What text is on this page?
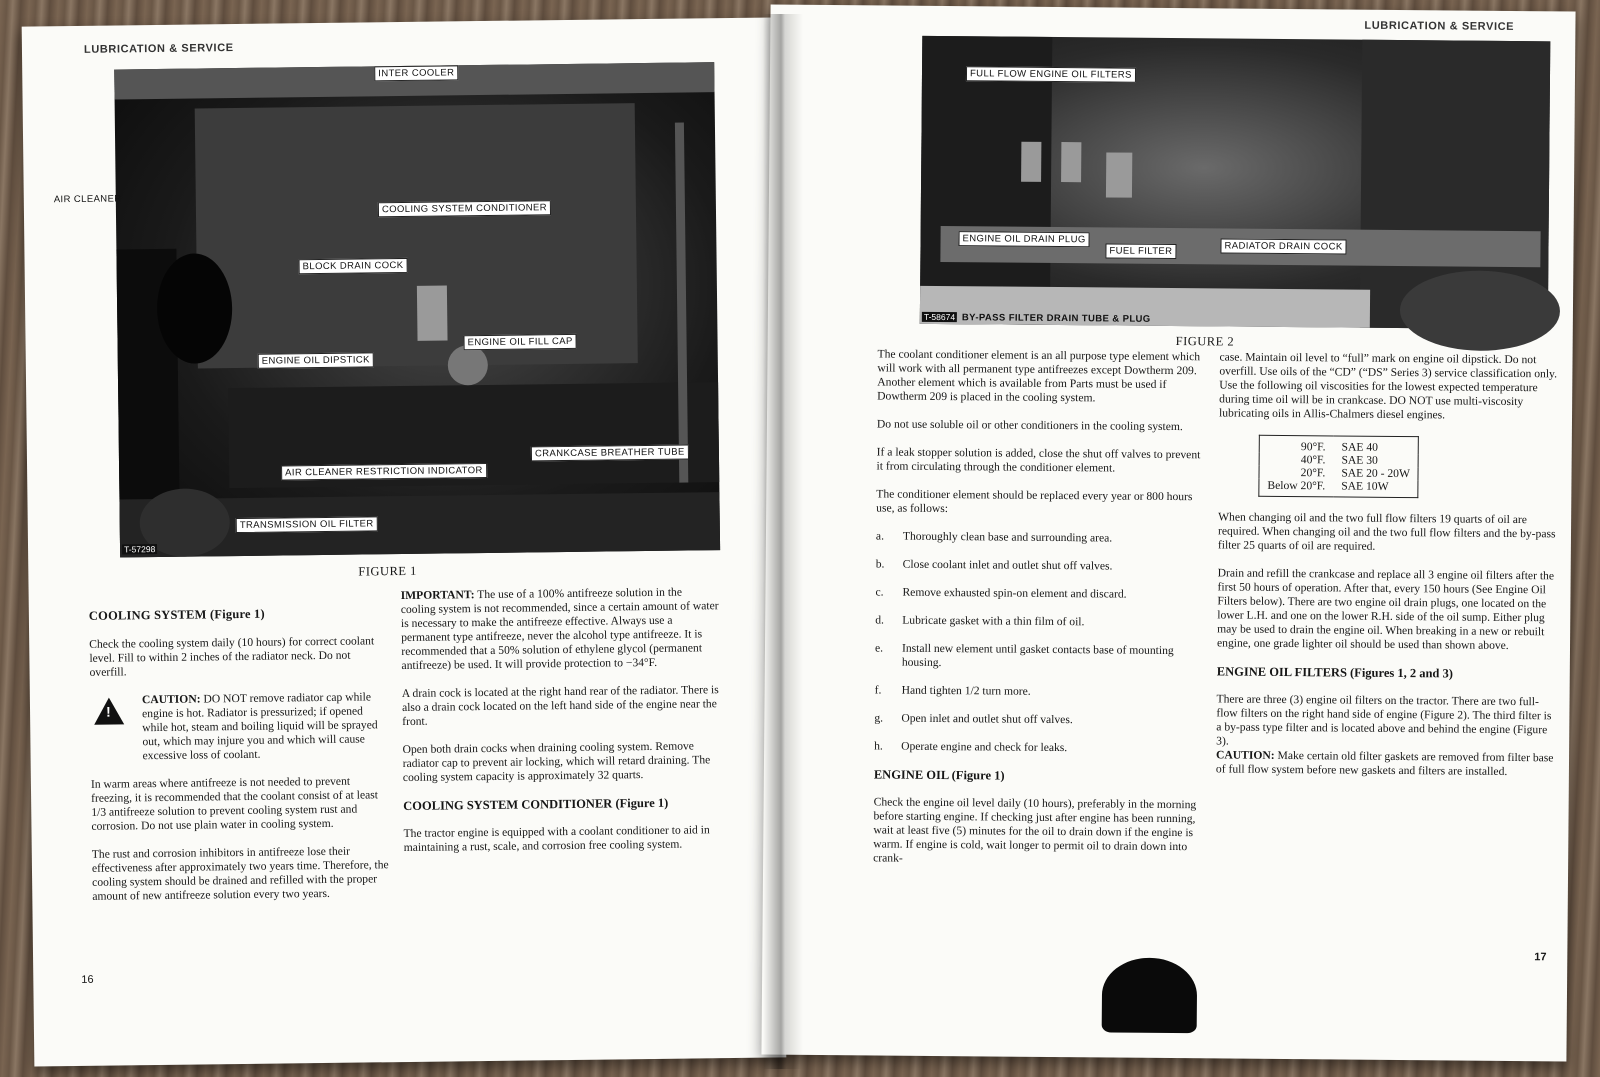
LUBRICATION & SERVICE
INTER COOLER
AIR CLEANER
COOLING SYSTEM CONDITIONER
BLOCK DRAIN COCK
ENGINE OIL DIPSTICK
ENGINE OIL FILL CAP
CRANKCASE BREATHER TUBE
AIR CLEANER RESTRICTION INDICATOR
TRANSMISSION OIL FILTER
T-57298
FIGURE 1
COOLING SYSTEM (Figure 1)

Check the cooling system daily (10 hours) for correct coolant level. Fill to within 2 inches of the radiator neck. Do not overfill.

!
CAUTION: DO NOT remove radiator cap while engine is hot. Radiator is pressurized; if opened while hot, steam and boiling liquid will be sprayed out, which may injure you and which will cause excessive loss of coolant.

In warm areas where antifreeze is not needed to prevent freezing, it is recommended that the coolant consist of at least 1/3 antifreeze solution to prevent cooling system rust and corrosion. Do not use plain water in cooling system.

The rust and corrosion inhibitors in antifreeze lose their effectiveness after approximately two years time. Therefore, the cooling system should be drained and refilled with the proper amount of new antifreeze solution every two years.

IMPORTANT: The use of a 100% antifreeze solution in the cooling system is not recommended, since a certain amount of water is necessary to make the antifreeze effective. Always use a permanent type antifreeze, never the alcohol type antifreeze. It is recommended that a 50% solution of ethylene glycol (permanent antifreeze) be used. It will provide protection to −34°F.

A drain cock is located at the right hand rear of the radiator. There is also a drain cock located on the left hand side of the engine near the front.

Open both drain cocks when draining cooling system. Remove radiator cap to prevent air locking, which will retard draining. The cooling system capacity is approximately 32 quarts.

COOLING SYSTEM CONDITIONER (Figure 1)

The tractor engine is equipped with a coolant conditioner to aid in maintaining a rust, scale, and corrosion free cooling system.

16
LUBRICATION & SERVICE
FULL FLOW ENGINE OIL FILTERS
ENGINE OIL DRAIN PLUG
FUEL FILTER	RADIATOR DRAIN COCK
T-58674 BY-PASS FILTER DRAIN TUBE & PLUG
FIGURE 2

The coolant conditioner element is an all purpose type element which will work with all permanent type antifreezes except Dowtherm 209. Another element which is available from Parts must be used if Dowtherm 209 is placed in the cooling system.

Do not use soluble oil or other conditioners in the cooling system.

If a leak stopper solution is added, close the shut off valves to prevent it from circulating through the conditioner element.

The conditioner element should be replaced every year or 800 hours use, as follows:

a.	Thoroughly clean base and surrounding area.
b.	Close coolant inlet and outlet shut off valves.
c.	Remove exhausted spin-on element and discard.
d.	Lubricate gasket with a thin film of oil.
e.	Install new element until gasket contacts base of mounting housing.
f.	Hand tighten 1/2 turn more.
g.	Open inlet and outlet shut off valves.
h.	Operate engine and check for leaks.
ENGINE OIL (Figure 1)

Check the engine oil level daily (10 hours), preferably in the morning before starting engine. If checking just after engine has been running, wait at least five (5) minutes for the oil to drain down if the engine is warm. If engine is cold, wait longer to permit oil to drain down into crank-

case. Maintain oil level to “full” mark on engine oil dipstick. Do not overfill. Use oils of the “CD” (“DS” Series 3) service classification only. Use the following oil viscosities for the lowest expected temperature during time oil will be in crankcase. DO NOT use multi-viscosity lubricating oils in Allis-Chalmers diesel engines.

90°F.	SAE 40
40°F.	SAE 30
20°F.	SAE 20 - 20W
Below 20°F.	SAE 10W

When changing oil and the two full flow filters 19 quarts of oil are required. When changing oil and the two full flow filters and the by-pass filter 25 quarts of oil are required.

Drain and refill the crankcase and replace all 3 engine oil filters after the first 50 hours of operation. After that, every 150 hours (See Engine Oil Filters below). There are two engine oil drain plugs, one located on the lower L.H. and one on the lower R.H. side of the oil sump. Either plug may be used to drain the engine oil. When breaking in a new or rebuilt engine, one grade lighter oil should be used than shown above.

ENGINE OIL FILTERS (Figures 1, 2 and 3)

There are three (3) engine oil filters on the tractor. There are two full-flow filters on the right hand side of engine (Figure 2). The third filter is a by-pass type filter and is located above and behind the engine (Figure 3).

CAUTION: Make certain old filter gaskets are removed from filter base of full flow system before new gaskets and filters are installed.

17
